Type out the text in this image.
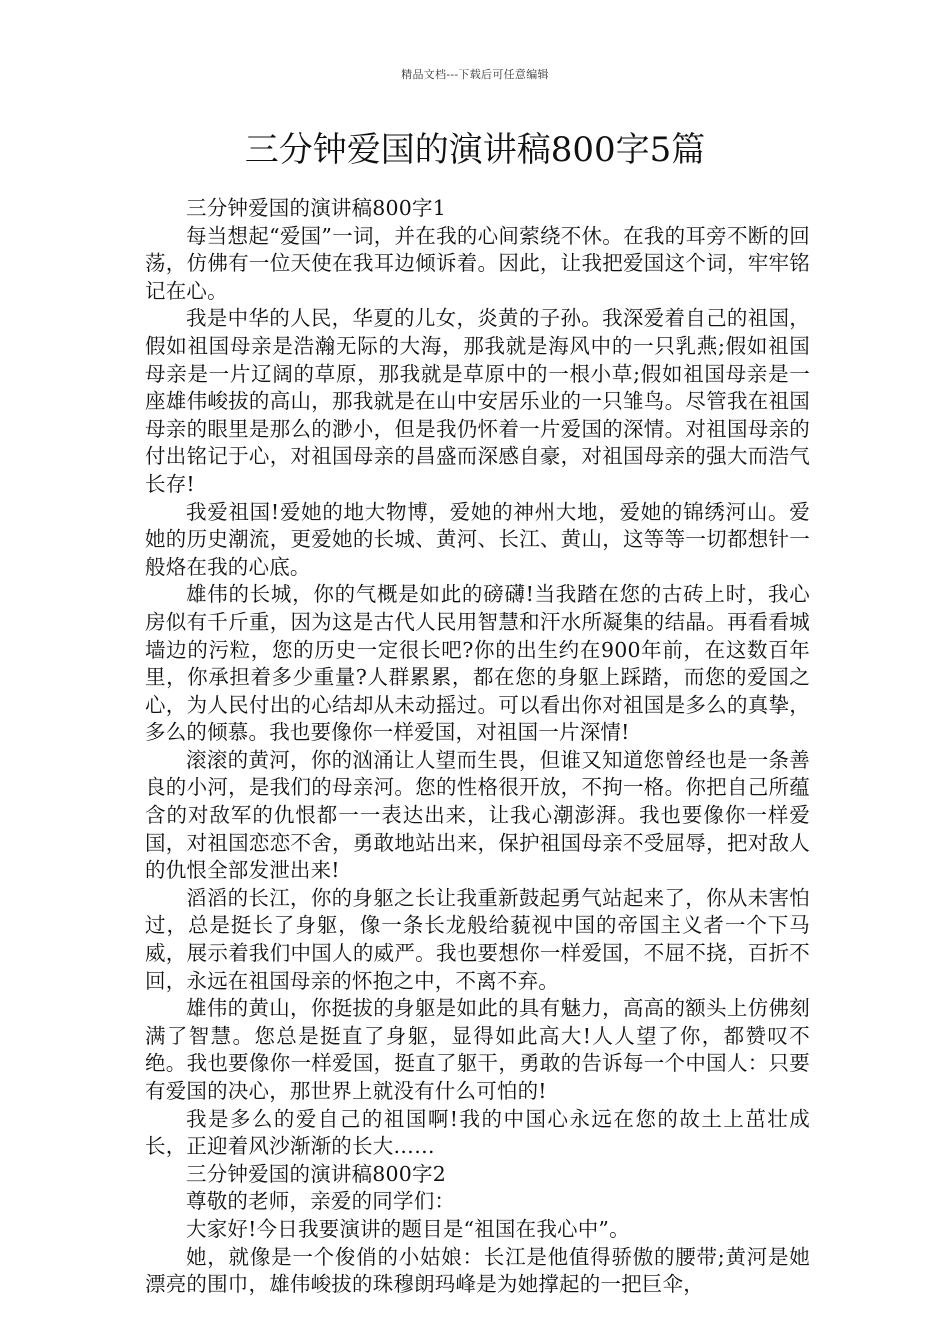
精品文档---下载后可任意编辑
三分钟爱国的演讲稿800字5篇

三分钟爱国的演讲稿800字1

每当想起“爱国”一词，并在我的心间萦绕不休。在我的耳旁不断的回荡，仿佛有一位天使在我耳边倾诉着。因此，让我把爱国这个词，牢牢铭记在心。

我是中华的人民，华夏的儿女，炎黄的子孙。我深爱着自己的祖国，假如祖国母亲是浩瀚无际的大海，那我就是海风中的一只乳燕;假如祖国母亲是一片辽阔的草原，那我就是草原中的一根小草;假如祖国母亲是一座雄伟峻拔的高山，那我就是在山中安居乐业的一只雏鸟。尽管我在祖国母亲的眼里是那么的渺小，但是我仍怀着一片爱国的深情。对祖国母亲的付出铭记于心，对祖国母亲的昌盛而深感自豪，对祖国母亲的强大而浩气长存!

我爱祖国!爱她的地大物博，爱她的神州大地，爱她的锦绣河山。爱她的历史潮流，更爱她的长城、黄河、长江、黄山，这等等一切都想针一般烙在我的心底。

雄伟的长城，你的气概是如此的磅礴!当我踏在您的古砖上时，我心房似有千斤重，因为这是古代人民用智慧和汗水所凝集的结晶。再看看城墙边的污粒，您的历史一定很长吧?你的出生约在900年前，在这数百年里，你承担着多少重量?人群累累，都在您的身躯上踩踏，而您的爱国之心，为人民付出的心结却从未动摇过。可以看出你对祖国是多么的真挚，多么的倾慕。我也要像你一样爱国，对祖国一片深情!

滚滚的黄河，你的汹涌让人望而生畏，但谁又知道您曾经也是一条善良的小河，是我们的母亲河。您的性格很开放，不拘一格。你把自己所蕴含的对敌军的仇恨都一一表达出来，让我心潮澎湃。我也要像你一样爱国，对祖国恋恋不舍，勇敢地站出来，保护祖国母亲不受屈辱，把对敌人的仇恨全部发泄出来!

滔滔的长江，你的身躯之长让我重新鼓起勇气站起来了，你从未害怕过，总是挺长了身躯，像一条长龙般给藐视中国的帝国主义者一个下马威，展示着我们中国人的威严。我也要想你一样爱国，不屈不挠，百折不回，永远在祖国母亲的怀抱之中，不离不弃。

雄伟的黄山，你挺拔的身躯是如此的具有魅力，高高的额头上仿佛刻满了智慧。您总是挺直了身躯，显得如此高大!人人望了你，都赞叹不绝。我也要像你一样爱国，挺直了躯干，勇敢的告诉每一个中国人：只要有爱国的决心，那世界上就没有什么可怕的!

我是多么的爱自己的祖国啊!我的中国心永远在您的故土上茁壮成长，正迎着风沙渐渐的长大……

三分钟爱国的演讲稿800字2

尊敬的老师，亲爱的同学们：

大家好!今日我要演讲的题目是“祖国在我心中”。

她，就像是一个俊俏的小姑娘：长江是他值得骄傲的腰带;黄河是她漂亮的围巾，雄伟峻拔的珠穆朗玛峰是为她撑起的一把巨伞，
